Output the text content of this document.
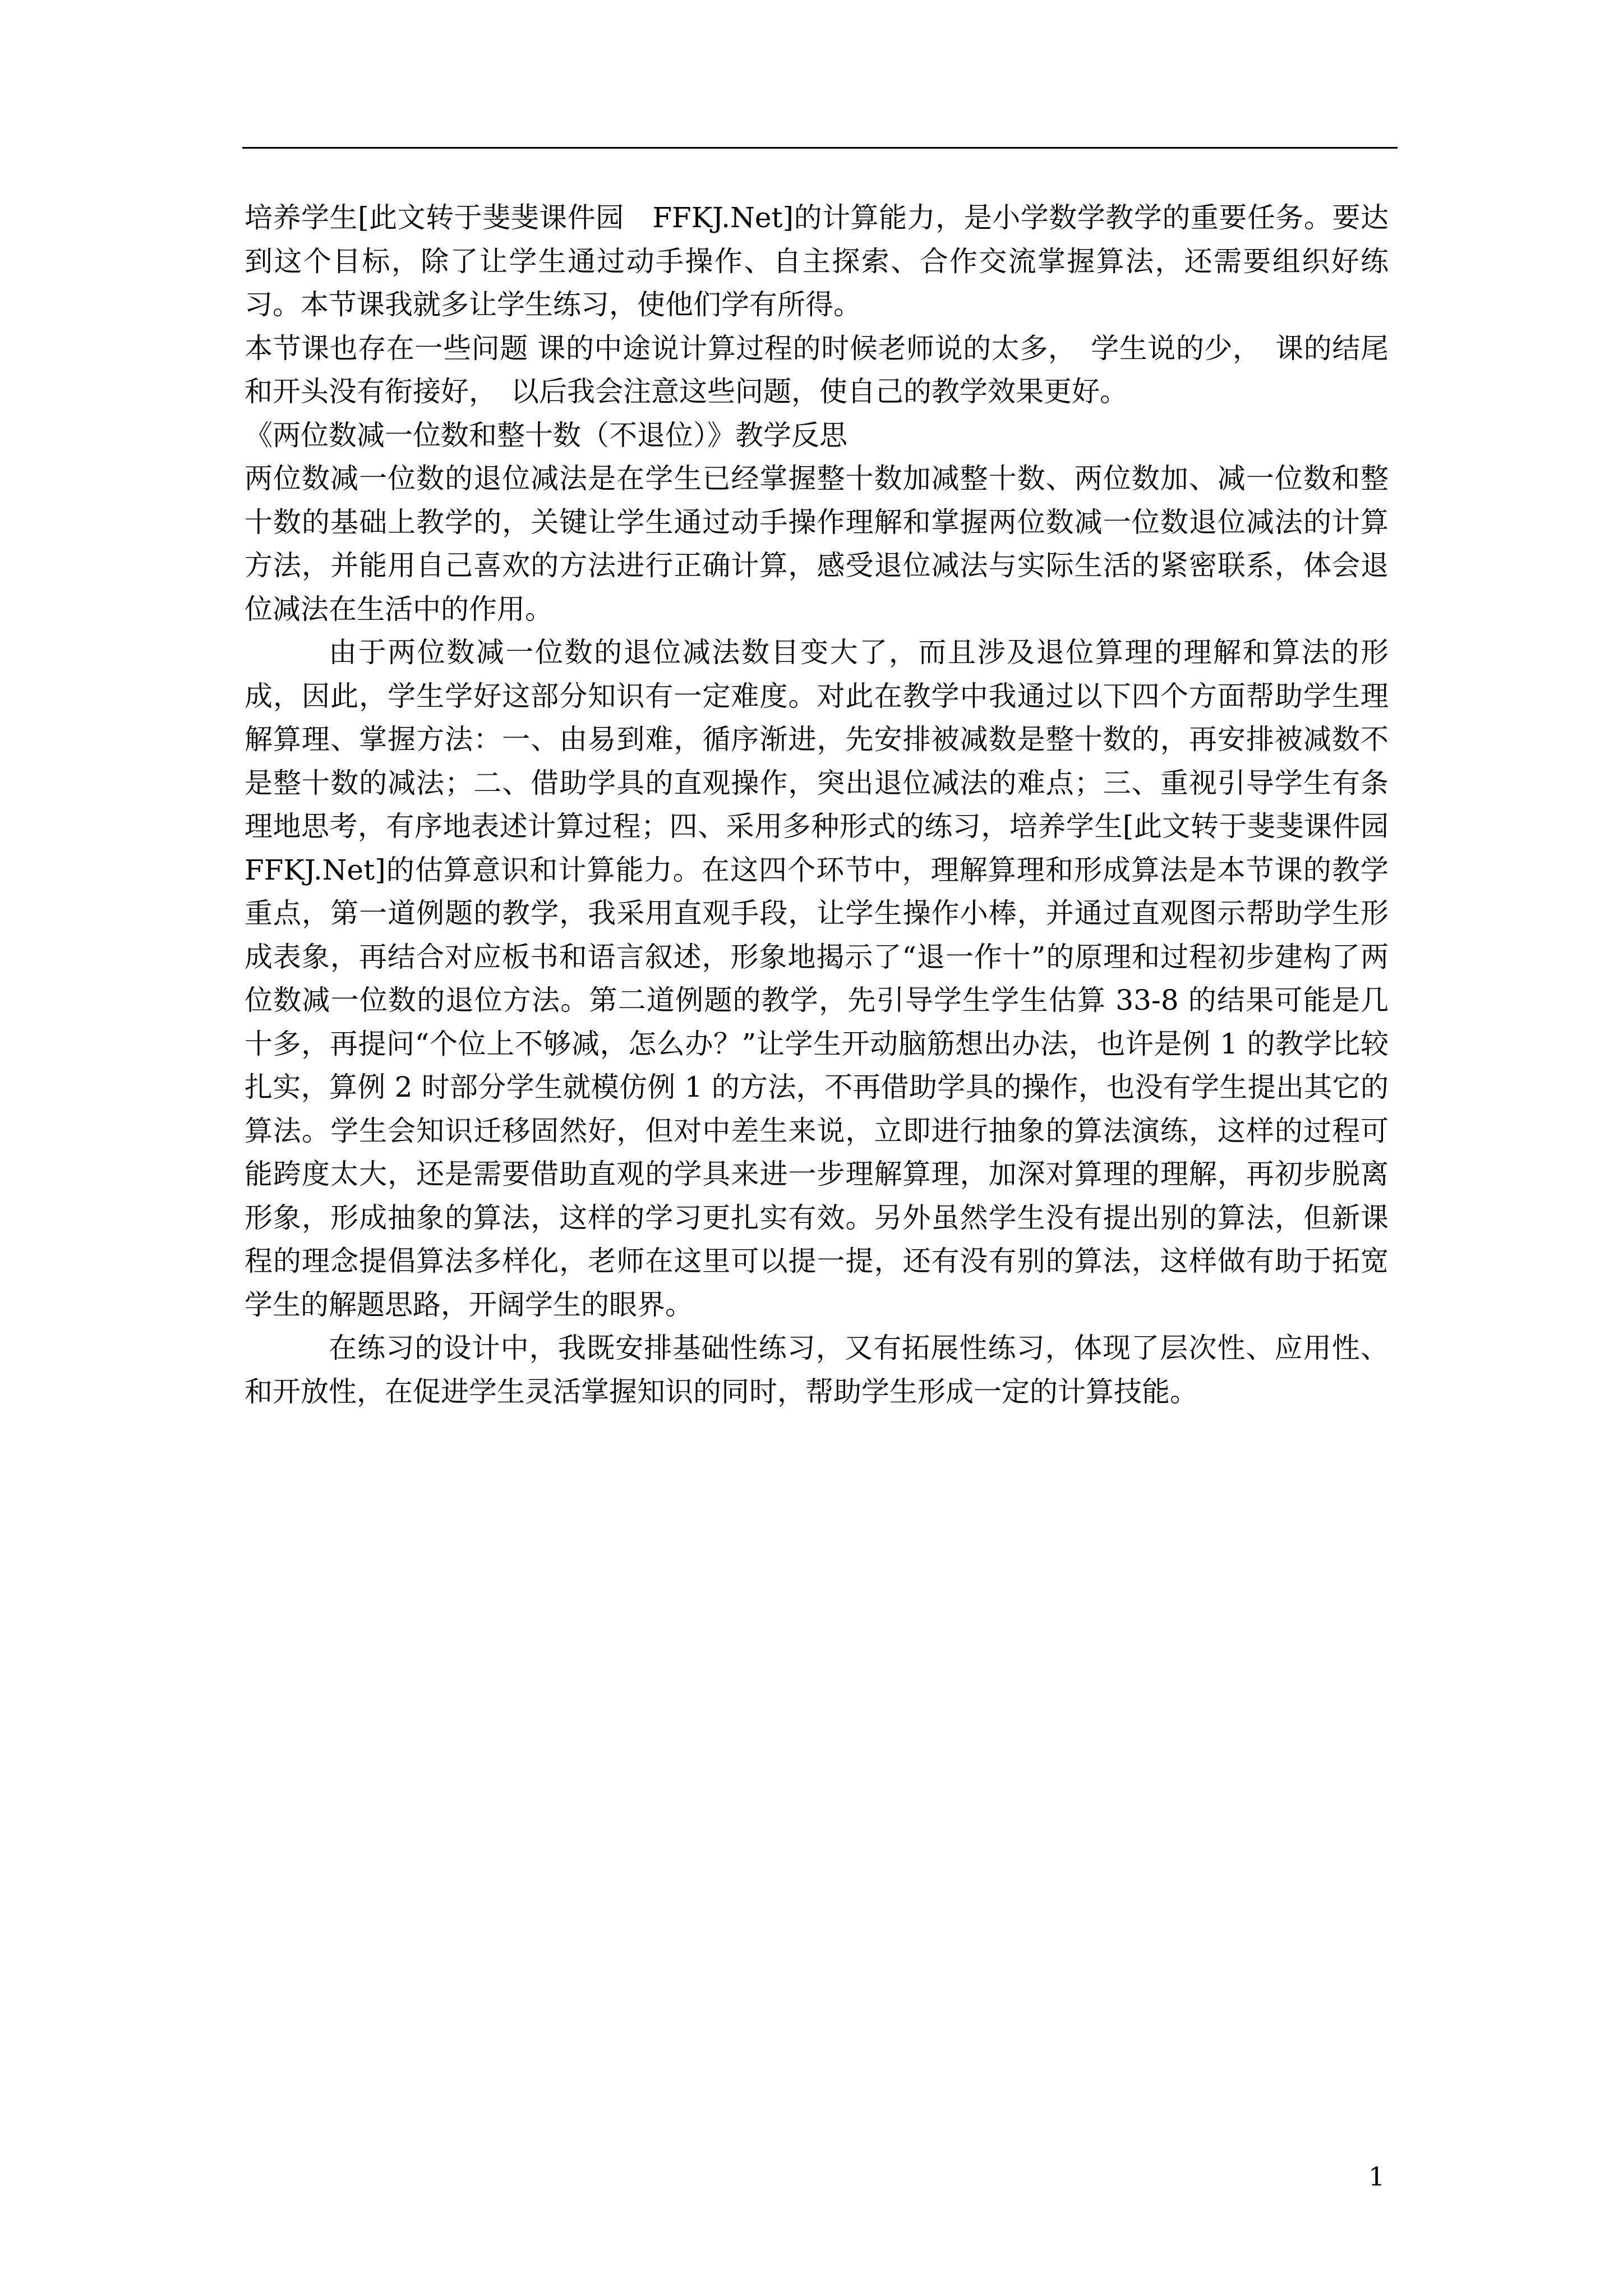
培养学生[此文转于斐斐课件园　FFKJ.Net]的计算能力，是小学数学教学的重要任务。要达到这个目标，除了让学生通过动手操作、自主探索、合作交流掌握算法，还需要组织好练习。本节课我就多让学生练习，使他们学有所得。

本节课也存在一些问题 课的中途说计算过程的时候老师说的太多，　学生说的少，　课的结尾和开头没有衔接好，　以后我会注意这些问题，使自己的教学效果更好。

《两位数减一位数和整十数（不退位）》教学反思

两位数减一位数的退位减法是在学生已经掌握整十数加减整十数、两位数加、减一位数和整十数的基础上教学的，关键让学生通过动手操作理解和掌握两位数减一位数退位减法的计算方法，并能用自己喜欢的方法进行正确计算，感受退位减法与实际生活的紧密联系，体会退位减法在生活中的作用。

由于两位数减一位数的退位减法数目变大了，而且涉及退位算理的理解和算法的形成，因此，学生学好这部分知识有一定难度。对此在教学中我通过以下四个方面帮助学生理解算理、掌握方法：一、由易到难，循序渐进，先安排被减数是整十数的，再安排被减数不是整十数的减法；二、借助学具的直观操作，突出退位减法的难点；三、重视引导学生有条理地思考，有序地表述计算过程；四、采用多种形式的练习，培养学生[此文转于斐斐课件园　FFKJ.Net]的估算意识和计算能力。在这四个环节中，理解算理和形成算法是本节课的教学重点，第一道例题的教学，我采用直观手段，让学生操作小棒，并通过直观图示帮助学生形成表象，再结合对应板书和语言叙述，形象地揭示了“退一作十”的原理和过程初步建构了两位数减一位数的退位方法。第二道例题的教学，先引导学生学生估算 33-8 的结果可能是几十多，再提问“个位上不够减，怎么办？”让学生开动脑筋想出办法，也许是例 1 的教学比较扎实，算例 2 时部分学生就模仿例 1 的方法，不再借助学具的操作，也没有学生提出其它的算法。学生会知识迁移固然好，但对中差生来说，立即进行抽象的算法演练，这样的过程可能跨度太大，还是需要借助直观的学具来进一步理解算理，加深对算理的理解，再初步脱离形象，形成抽象的算法，这样的学习更扎实有效。另外虽然学生没有提出别的算法，但新课程的理念提倡算法多样化，老师在这里可以提一提，还有没有别的算法，这样做有助于拓宽学生的解题思路，开阔学生的眼界。

在练习的设计中，我既安排基础性练习，又有拓展性练习，体现了层次性、应用性、和开放性，在促进学生灵活掌握知识的同时，帮助学生形成一定的计算技能。

1
